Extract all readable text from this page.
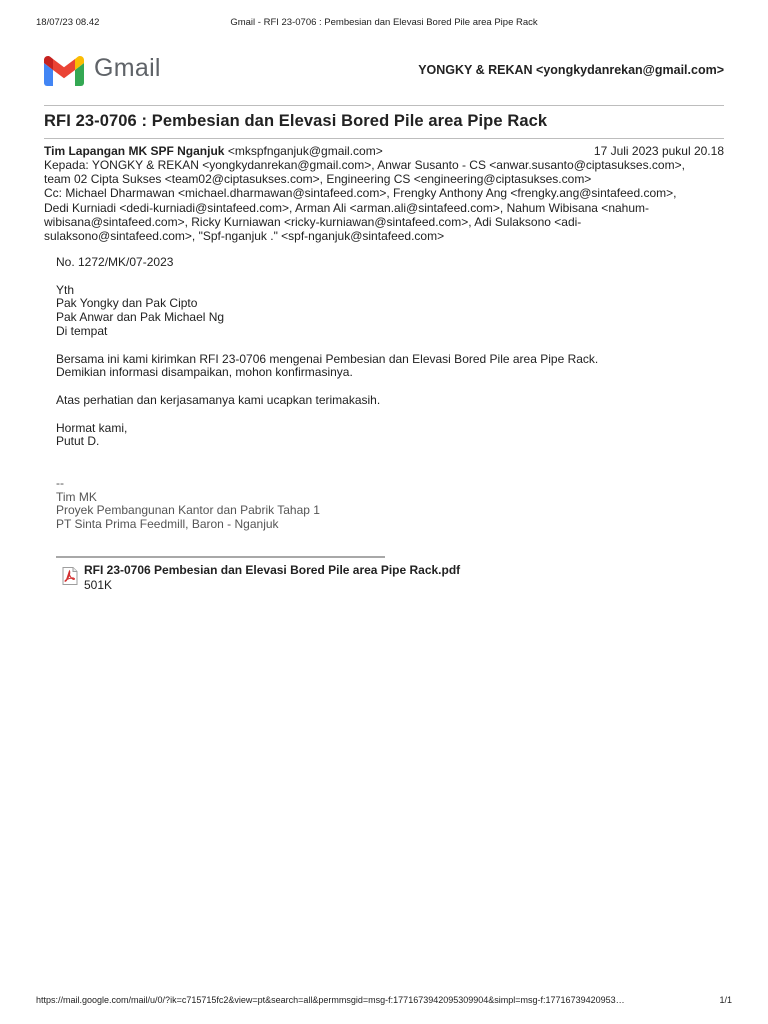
18/07/23 08.42	Gmail - RFI 23-0706 : Pembesian dan Elevasi Bored Pile area Pipe Rack
Gmail	YONGKY & REKAN <yongkydanrekan@gmail.com>
RFI 23-0706 : Pembesian dan Elevasi Bored Pile area Pipe Rack
Tim Lapangan MK SPF Nganjuk <mkspfnganjuk@gmail.com>	17 Juli 2023 pukul 20.18
Kepada: YONGKY & REKAN <yongkydanrekan@gmail.com>, Anwar Susanto - CS <anwar.susanto@ciptasukses.com>,
team 02 Cipta Sukses <team02@ciptasukses.com>, Engineering CS <engineering@ciptasukses.com>
Cc: Michael Dharmawan <michael.dharmawan@sintafeed.com>, Frengky Anthony Ang <frengky.ang@sintafeed.com>,
Dedi Kurniadi <dedi-kurniadi@sintafeed.com>, Arman Ali <arman.ali@sintafeed.com>, Nahum Wibisana <nahum-
wibisana@sintafeed.com>, Ricky Kurniawan <ricky-kurniawan@sintafeed.com>, Adi Sulaksono <adi-
sulaksono@sintafeed.com>, "Spf-nganjuk ." <spf-nganjuk@sintafeed.com>

No. 1272/MK/07-2023

Yth

Pak Yongky dan Pak Cipto

Pak Anwar dan Pak Michael Ng

Di tempat

Bersama ini kami kirimkan RFI 23-0706 mengenai Pembesian dan Elevasi Bored Pile area Pipe Rack.

Demikian informasi disampaikan, mohon konfirmasinya.

Atas perhatian dan kerjasamanya kami ucapkan terimakasih.

Hormat kami,

Putut D.

--

Tim MK

Proyek Pembangunan Kantor dan Pabrik Tahap 1

PT Sinta Prima Feedmill, Baron - Nganjuk

RFI 23-0706 Pembesian dan Elevasi Bored Pile area Pipe Rack.pdf
501K
https://mail.google.com/mail/u/0/?ik=c715715fc2&view=pt&search=all&permmsgid=msg-f:1771673942095309904&simpl=msg-f:17716739420953…	1/1
